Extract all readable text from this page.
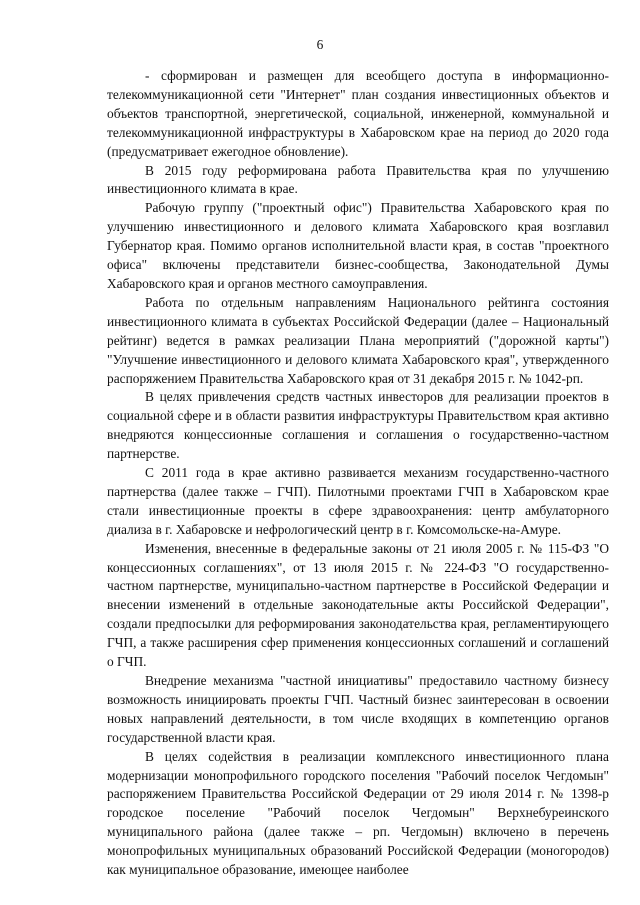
6

- сформирован и размещен для всеобщего доступа в информационно-телекоммуникационной сети "Интернет" план создания инвестиционных объектов и объектов транспортной, энергетической, социальной, инженерной, коммунальной и телекоммуникационной инфраструктуры в Хабаровском крае на период до 2020 года (предусматривает ежегодное обновление).

В 2015 году реформирована работа Правительства края по улучшению инвестиционного климата в крае.

Рабочую группу ("проектный офис") Правительства Хабаровского края по улучшению инвестиционного и делового климата Хабаровского края возглавил Губернатор края. Помимо органов исполнительной власти края, в состав "проектного офиса" включены представители бизнес-сообщества, Законодательной Думы Хабаровского края и органов местного самоуправления.

Работа по отдельным направлениям Национального рейтинга состояния инвестиционного климата в субъектах Российской Федерации (далее – Национальный рейтинг) ведется в рамках реализации Плана мероприятий ("дорожной карты") "Улучшение инвестиционного и делового климата Хабаровского края", утвержденного распоряжением Правительства Хабаровского края от 31 декабря 2015 г. № 1042-рп.

В целях привлечения средств частных инвесторов для реализации проектов в социальной сфере и в области развития инфраструктуры Правительством края активно внедряются концессионные соглашения и соглашения о государственно-частном партнерстве.

С 2011 года в крае активно развивается механизм государственно-частного партнерства (далее также – ГЧП). Пилотными проектами ГЧП в Хабаровском крае стали инвестиционные проекты в сфере здравоохранения: центр амбулаторного диализа в г. Хабаровске и нефрологический центр в г. Комсомольске-на-Амуре.

Изменения, внесенные в федеральные законы от 21 июля 2005 г. № 115-ФЗ "О концессионных соглашениях", от 13 июля 2015 г. № 224-ФЗ "О государственно-частном партнерстве, муниципально-частном партнерстве в Российской Федерации и внесении изменений в отдельные законодательные акты Российской Федерации", создали предпосылки для реформирования законодательства края, регламентирующего ГЧП, а также расширения сфер применения концессионных соглашений и соглашений о ГЧП.

Внедрение механизма "частной инициативы" предоставило частному бизнесу возможность инициировать проекты ГЧП. Частный бизнес заинтересован в освоении новых направлений деятельности, в том числе входящих в компетенцию органов государственной власти края.

В целях содействия в реализации комплексного инвестиционного плана модернизации монопрофильного городского поселения "Рабочий поселок Чегдомын" распоряжением Правительства Российской Федерации от 29 июля 2014 г. № 1398-р городское поселение "Рабочий поселок Чегдомын" Верхнебуреинского муниципального района (далее также – рп. Чегдомын) включено в перечень монопрофильных муниципальных образований Российской Федерации (моногородов) как муниципальное образование, имеющее наиболее
